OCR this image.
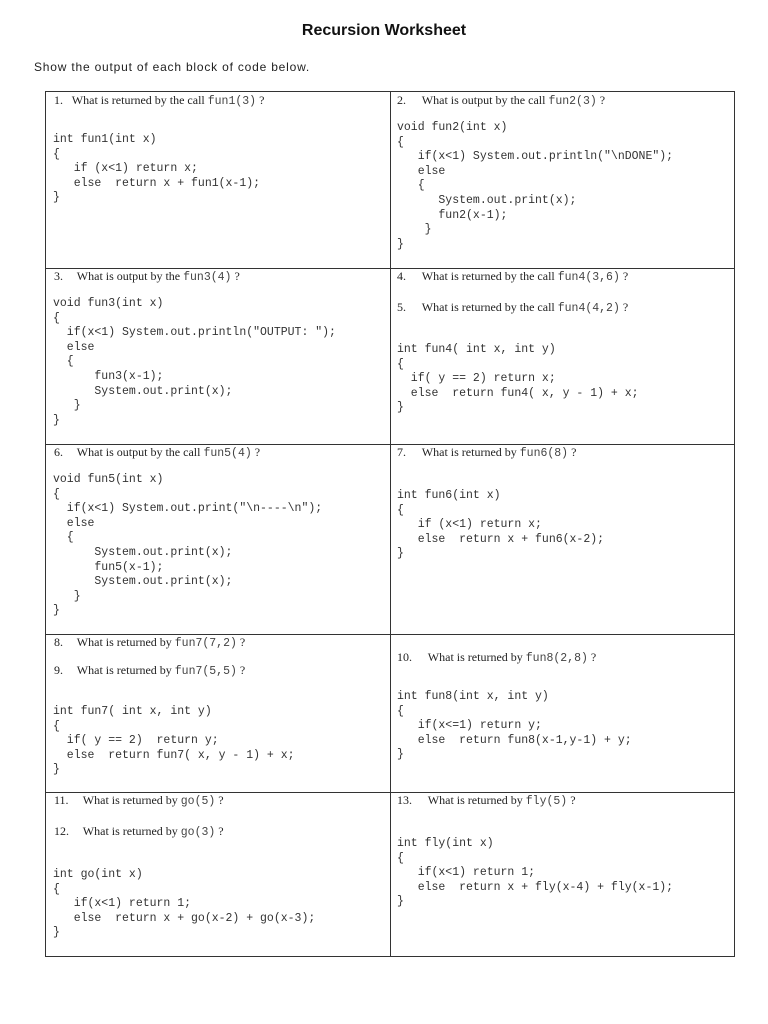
Recursion Worksheet
Show the output of each block of code below.
1. What is returned by the call fun1(3) ?
int fun1(int x)
{
if (x<1) return x;
else  return x + fun1(x-1);
}
2. What is output by the call fun2(3) ?
void fun2(int x)
{
if(x<1) System.out.println("\nDONE");
else
{
System.out.print(x);
fun2(x-1);
}
}
3. What is output by the fun3(4) ?
void fun3(int x)
{
if(x<1) System.out.println("OUTPUT: ");
else
{
fun3(x-1);
System.out.print(x);
}
}
4. What is returned by the call fun4(3,6) ?
5. What is returned by the call fun4(4,2) ?
int fun4( int x, int y)
{
if( y == 2) return x;
else  return fun4( x, y - 1) + x;
}
6. What is output by the call fun5(4) ?
void fun5(int x)
{
if(x<1) System.out.print("\n----\n");
else
{
System.out.print(x);
fun5(x-1);
System.out.print(x);
}
}
7. What is returned by fun6(8) ?
int fun6(int x)
{
if (x<1) return x;
else  return x + fun6(x-2);
}
8. What is returned by fun7(7,2) ?
9. What is returned by fun7(5,5) ?
int fun7( int x, int y)
{
if( y == 2)  return y;
else  return fun7( x, y - 1) + x;
}
10. What is returned by fun8(2,8) ?
int fun8(int x, int y)
{
if(x<=1) return y;
else  return fun8(x-1,y-1) + y;
}
11. What is returned by go(5) ?
12. What is returned by go(3) ?
int go(int x)
{
if(x<1) return 1;
else  return x + go(x-2) + go(x-3);
}
13. What is returned by fly(5) ?
int fly(int x)
{
if(x<1) return 1;
else  return x + fly(x-4) + fly(x-1);
}
